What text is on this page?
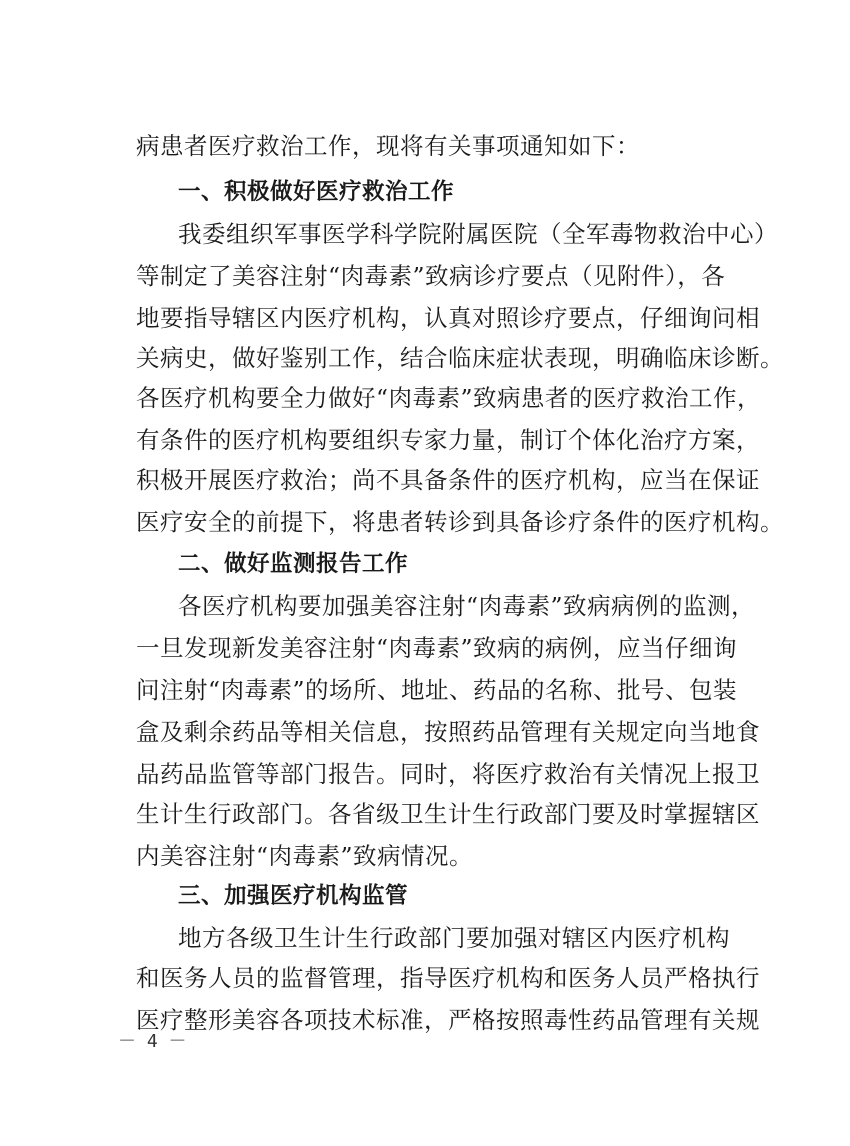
病患者医疗救治工作，现将有关事项通知如下：
一、积极做好医疗救治工作
我委组织军事医学科学院附属医院（全军毒物救治中心）
等制定了美容注射“肉毒素”致病诊疗要点（见附件），各
地要指导辖区内医疗机构，认真对照诊疗要点，仔细询问相
关病史，做好鉴别工作，结合临床症状表现，明确临床诊断。
各医疗机构要全力做好“肉毒素”致病患者的医疗救治工作，
有条件的医疗机构要组织专家力量，制订个体化治疗方案，
积极开展医疗救治；尚不具备条件的医疗机构，应当在保证
医疗安全的前提下，将患者转诊到具备诊疗条件的医疗机构。
二、做好监测报告工作
各医疗机构要加强美容注射“肉毒素”致病病例的监测，
一旦发现新发美容注射“肉毒素”致病的病例，应当仔细询
问注射“肉毒素”的场所、地址、药品的名称、批号、包装
盒及剩余药品等相关信息，按照药品管理有关规定向当地食
品药品监管等部门报告。同时，将医疗救治有关情况上报卫
生计生行政部门。各省级卫生计生行政部门要及时掌握辖区
内美容注射“肉毒素”致病情况。
三、加强医疗机构监管
地方各级卫生计生行政部门要加强对辖区内医疗机构
和医务人员的监督管理，指导医疗机构和医务人员严格执行
医疗整形美容各项技术标准，严格按照毒性药品管理有关规
－ 4 －
